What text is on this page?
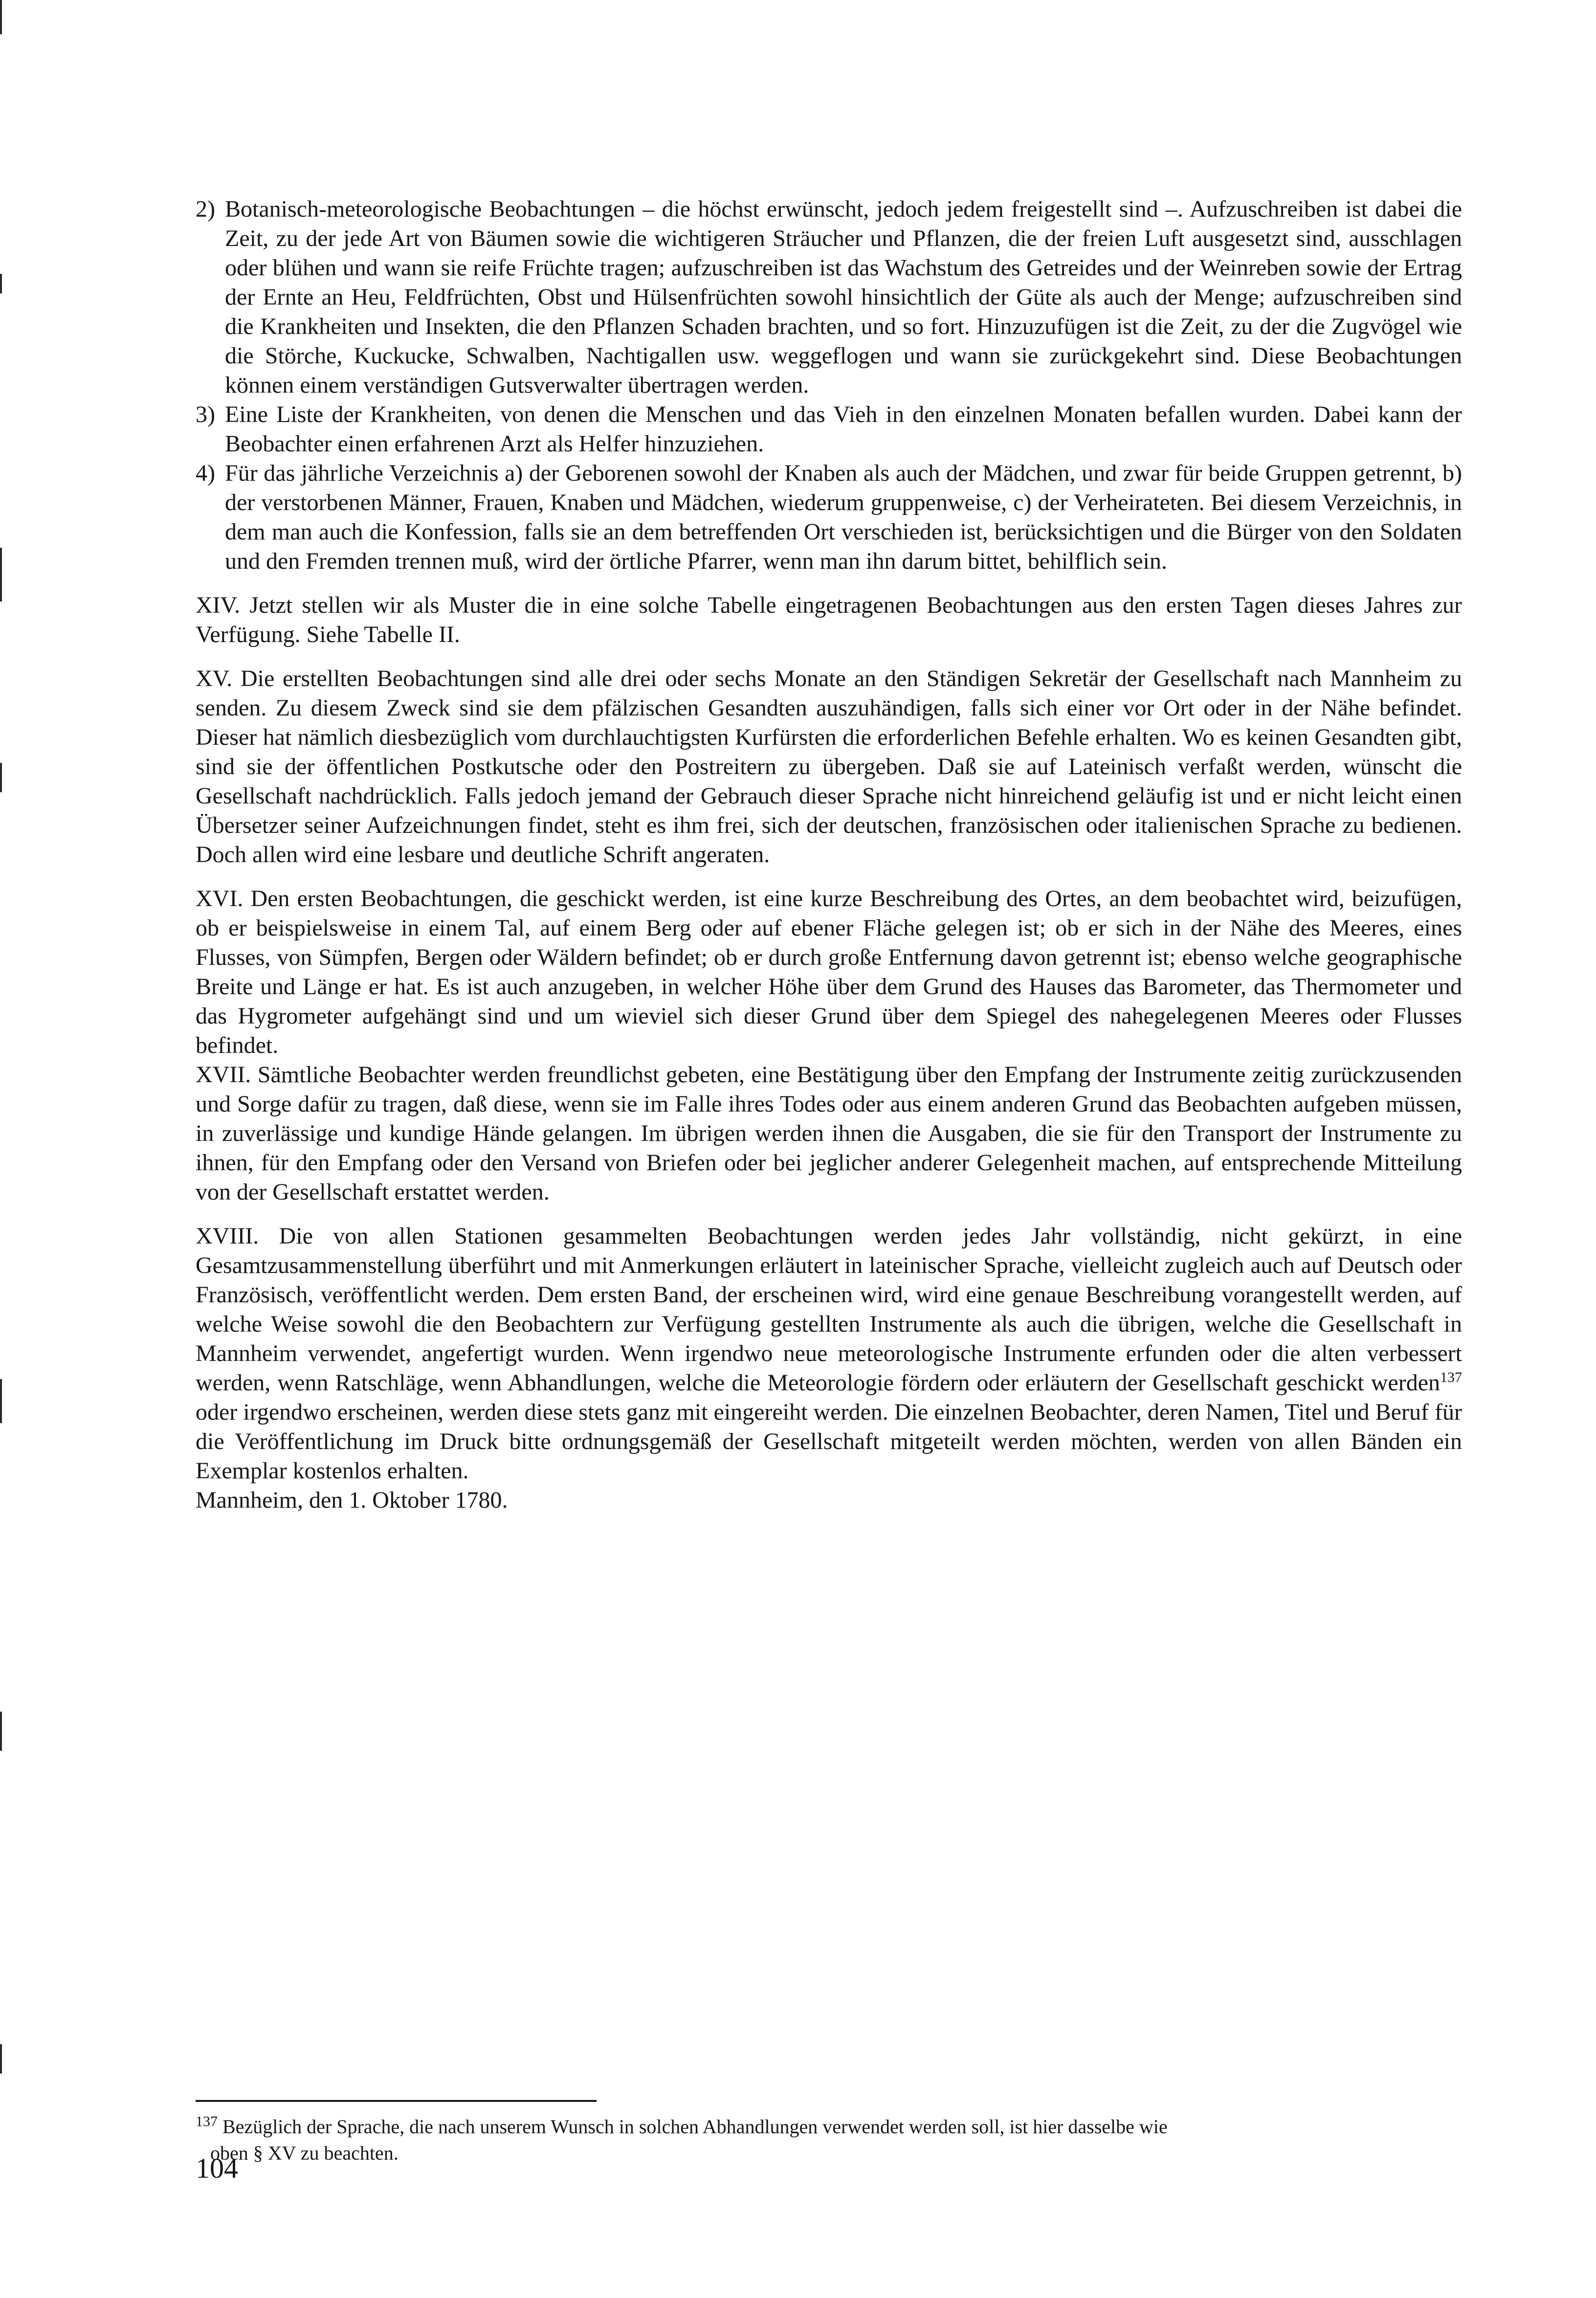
2) Botanisch-meteorologische Beobachtungen – die höchst erwünscht, jedoch jedem freigestellt sind –. Aufzuschreiben ist dabei die Zeit, zu der jede Art von Bäumen sowie die wichtigeren Sträucher und Pflanzen, die der freien Luft ausgesetzt sind, ausschlagen oder blühen und wann sie reife Früchte tragen; aufzuschreiben ist das Wachstum des Getreides und der Weinreben sowie der Ertrag der Ernte an Heu, Feldfrüchten, Obst und Hülsenfrüchten sowohl hinsichtlich der Güte als auch der Menge; aufzuschreiben sind die Krankheiten und Insekten, die den Pflanzen Schaden brachten, und so fort. Hinzuzufügen ist die Zeit, zu der die Zugvögel wie die Störche, Kuckucke, Schwalben, Nachtigallen usw. weggeflogen und wann sie zurückgekehrt sind. Diese Beobachtungen können einem verständigen Gutsverwalter übertragen werden.
3) Eine Liste der Krankheiten, von denen die Menschen und das Vieh in den einzelnen Monaten befallen wurden. Dabei kann der Beobachter einen erfahrenen Arzt als Helfer hinzuziehen.
4) Für das jährliche Verzeichnis a) der Geborenen sowohl der Knaben als auch der Mädchen, und zwar für beide Gruppen getrennt, b) der verstorbenen Männer, Frauen, Knaben und Mädchen, wiederum gruppenweise, c) der Verheirateten. Bei diesem Verzeichnis, in dem man auch die Konfession, falls sie an dem betreffenden Ort verschieden ist, berücksichtigen und die Bürger von den Soldaten und den Fremden trennen muß, wird der örtliche Pfarrer, wenn man ihn darum bittet, behilflich sein.

XIV. Jetzt stellen wir als Muster die in eine solche Tabelle eingetragenen Beobachtungen aus den ersten Tagen dieses Jahres zur Verfügung. Siehe Tabelle II.

XV. Die erstellten Beobachtungen sind alle drei oder sechs Monate an den Ständigen Sekretär der Gesellschaft nach Mannheim zu senden. Zu diesem Zweck sind sie dem pfälzischen Gesandten auszuhändigen, falls sich einer vor Ort oder in der Nähe befindet. Dieser hat nämlich diesbezüglich vom durchlauchtigsten Kurfürsten die erforderlichen Befehle erhalten. Wo es keinen Gesandten gibt, sind sie der öffentlichen Postkutsche oder den Postreitern zu übergeben. Daß sie auf Lateinisch verfaßt werden, wünscht die Gesellschaft nachdrücklich. Falls jedoch jemand der Gebrauch dieser Sprache nicht hinreichend geläufig ist und er nicht leicht einen Übersetzer seiner Aufzeichnungen findet, steht es ihm frei, sich der deutschen, französischen oder italienischen Sprache zu bedienen. Doch allen wird eine lesbare und deutliche Schrift angeraten.

XVI. Den ersten Beobachtungen, die geschickt werden, ist eine kurze Beschreibung des Ortes, an dem beobachtet wird, beizufügen, ob er beispielsweise in einem Tal, auf einem Berg oder auf ebener Fläche gelegen ist; ob er sich in der Nähe des Meeres, eines Flusses, von Sümpfen, Bergen oder Wäldern befindet; ob er durch große Entfernung davon getrennt ist; ebenso welche geographische Breite und Länge er hat. Es ist auch anzugeben, in welcher Höhe über dem Grund des Hauses das Barometer, das Thermometer und das Hygrometer aufgehängt sind und um wieviel sich dieser Grund über dem Spiegel des nahegelegenen Meeres oder Flusses befindet.

XVII. Sämtliche Beobachter werden freundlichst gebeten, eine Bestätigung über den Empfang der Instrumente zeitig zurückzusenden und Sorge dafür zu tragen, daß diese, wenn sie im Falle ihres Todes oder aus einem anderen Grund das Beobachten aufgeben müssen, in zuverlässige und kundige Hände gelangen. Im übrigen werden ihnen die Ausgaben, die sie für den Transport der Instrumente zu ihnen, für den Empfang oder den Versand von Briefen oder bei jeglicher anderer Gelegenheit machen, auf entsprechende Mitteilung von der Gesellschaft erstattet werden.

XVIII. Die von allen Stationen gesammelten Beobachtungen werden jedes Jahr vollständig, nicht gekürzt, in eine Gesamtzusammenstellung überführt und mit Anmerkungen erläutert in lateinischer Sprache, vielleicht zugleich auch auf Deutsch oder Französisch, veröffentlicht werden. Dem ersten Band, der erscheinen wird, wird eine genaue Beschreibung vorangestellt werden, auf welche Weise sowohl die den Beobachtern zur Verfügung gestellten Instrumente als auch die übrigen, welche die Gesellschaft in Mannheim verwendet, angefertigt wurden. Wenn irgendwo neue meteorologische Instrumente erfunden oder die alten verbessert werden, wenn Ratschläge, wenn Abhandlungen, welche die Meteorologie fördern oder erläutern der Gesellschaft geschickt werden$^{137}$ oder irgendwo erscheinen, werden diese stets ganz mit eingereiht werden. Die einzelnen Beobachter, deren Namen, Titel und Beruf für die Veröffentlichung im Druck bitte ordnungsgemäß der Gesellschaft mitgeteilt werden möchten, werden von allen Bänden ein Exemplar kostenlos erhalten.

Mannheim, den 1. Oktober 1780.

$^{137}$ Bezüglich der Sprache, die nach unserem Wunsch in solchen Abhandlungen verwendet werden soll, ist hier dasselbe wie
oben § XV zu beachten.
104
